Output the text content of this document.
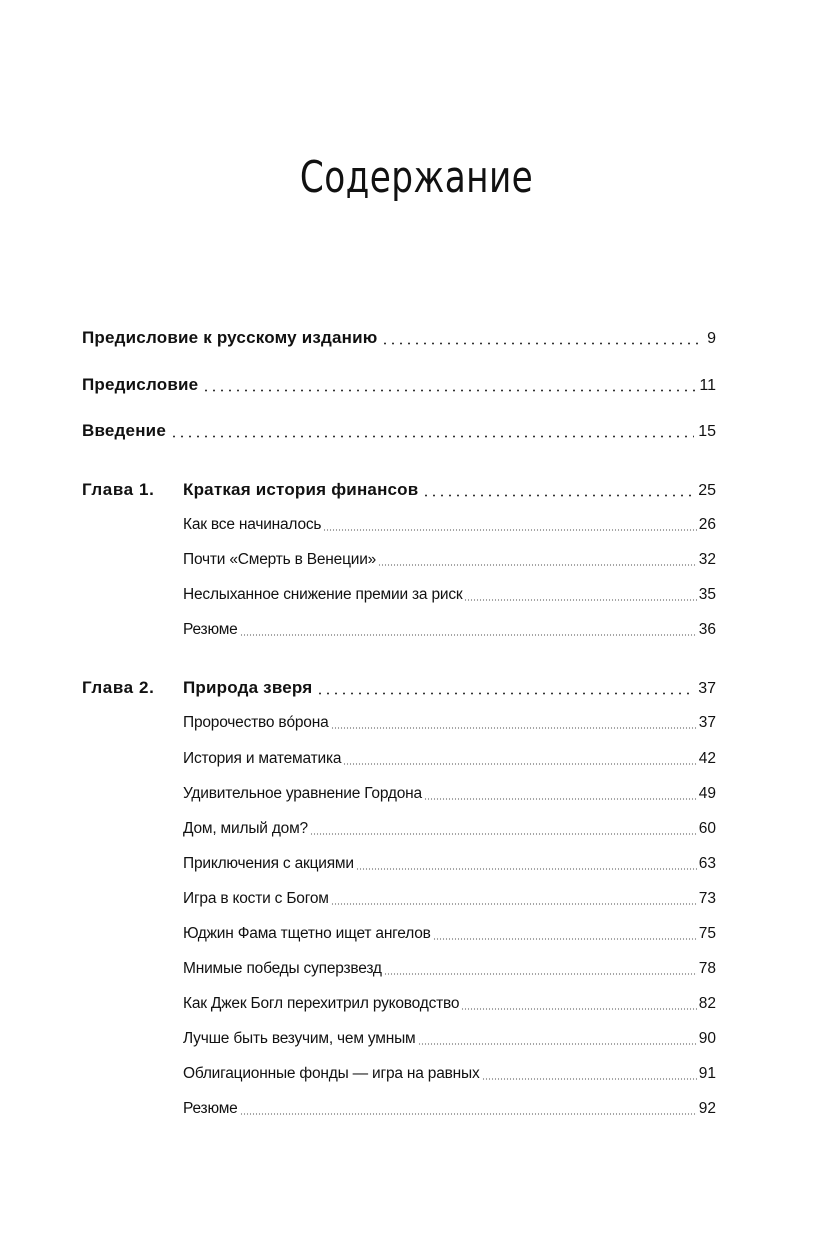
Содержание
Предисловие к русскому изданию	9
Предисловие	11
Введение	15
Глава 1. Краткая история финансов	25
Как все начиналось	26
Почти «Смерть в Венеции»	32
Неслыханное снижение премии за риск	35
Резюме	36
Глава 2. Природа зверя	37
Пророчество вóрона	37
История и математика	42
Удивительное уравнение Гордона	49
Дом, милый дом?	60
Приключения с акциями	63
Игра в кости с Богом	73
Юджин Фама тщетно ищет ангелов	75
Мнимые победы суперзвезд	78
Как Джек Богл перехитрил руководство	82
Лучше быть везучим, чем умным	90
Облигационные фонды — игра на равных	91
Резюме	92
